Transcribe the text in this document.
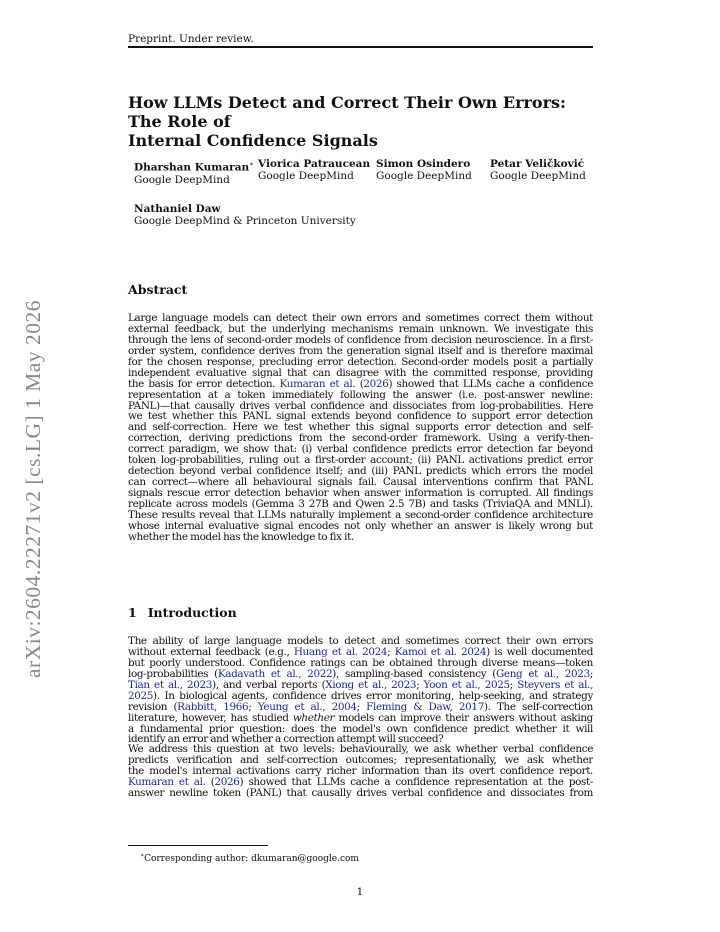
Preprint. Under review.
arXiv:2604.22271v2 [cs.LG] 1 May 2026
How LLMs Detect and Correct Their Own Errors: The Role of
Internal Confidence Signals
Dharshan Kumaran∗
Google DeepMind
Viorica Patraucean
Google DeepMind
Simon Osindero
Google DeepMind
Petar Veličković
Google DeepMind
Nathaniel Daw
Google DeepMind & Princeton University
Abstract
Large language models can detect their own errors and sometimes correct them without
external feedback, but the underlying mechanisms remain unknown. We investigate this
through the lens of second-order models of confidence from decision neuroscience. In a first-
order system, confidence derives from the generation signal itself and is therefore maximal
for the chosen response, precluding error detection. Second-order models posit a partially
independent evaluative signal that can disagree with the committed response, providing
the basis for error detection. Kumaran et al. (2026) showed that LLMs cache a confidence
representation at a token immediately following the answer (i.e. post-answer newline:
PANL)—that causally drives verbal confidence and dissociates from log-probabilities. Here
we test whether this PANL signal extends beyond confidence to support error detection
and self-correction. Here we test whether this signal supports error detection and self-
correction, deriving predictions from the second-order framework. Using a verify-then-
correct paradigm, we show that: (i) verbal confidence predicts error detection far beyond
token log-probabilities, ruling out a first-order account; (ii) PANL activations predict error
detection beyond verbal confidence itself; and (iii) PANL predicts which errors the model
can correct—where all behavioural signals fail. Causal interventions confirm that PANL
signals rescue error detection behavior when answer information is corrupted. All findings
replicate across models (Gemma 3 27B and Qwen 2.5 7B) and tasks (TriviaQA and MNLI).
These results reveal that LLMs naturally implement a second-order confidence architecture
whose internal evaluative signal encodes not only whether an answer is likely wrong but
whether the model has the knowledge to fix it.
1 Introduction
The ability of large language models to detect and sometimes correct their own errors
without external feedback (e.g., Huang et al. 2024; Kamoi et al. 2024) is well documented
but poorly understood. Confidence ratings can be obtained through diverse means—token
log-probabilities (Kadavath et al., 2022), sampling-based consistency (Geng et al., 2023;
Tian et al., 2023), and verbal reports (Xiong et al., 2023; Yoon et al., 2025; Steyvers et al.,
2025). In biological agents, confidence drives error monitoring, help-seeking, and strategy
revision (Rabbitt, 1966; Yeung et al., 2004; Fleming & Daw, 2017). The self-correction
literature, however, has studied whether models can improve their answers without asking
a fundamental prior question: does the model's own confidence predict whether it will
identify an error and whether a correction attempt will succeed?
We address this question at two levels: behaviourally, we ask whether verbal confidence
predicts verification and self-correction outcomes; representationally, we ask whether
the model's internal activations carry richer information than its overt confidence report.
Kumaran et al. (2026) showed that LLMs cache a confidence representation at the post-
answer newline token (PANL) that causally drives verbal confidence and dissociates from
∗Corresponding author: dkumaran@google.com
1
